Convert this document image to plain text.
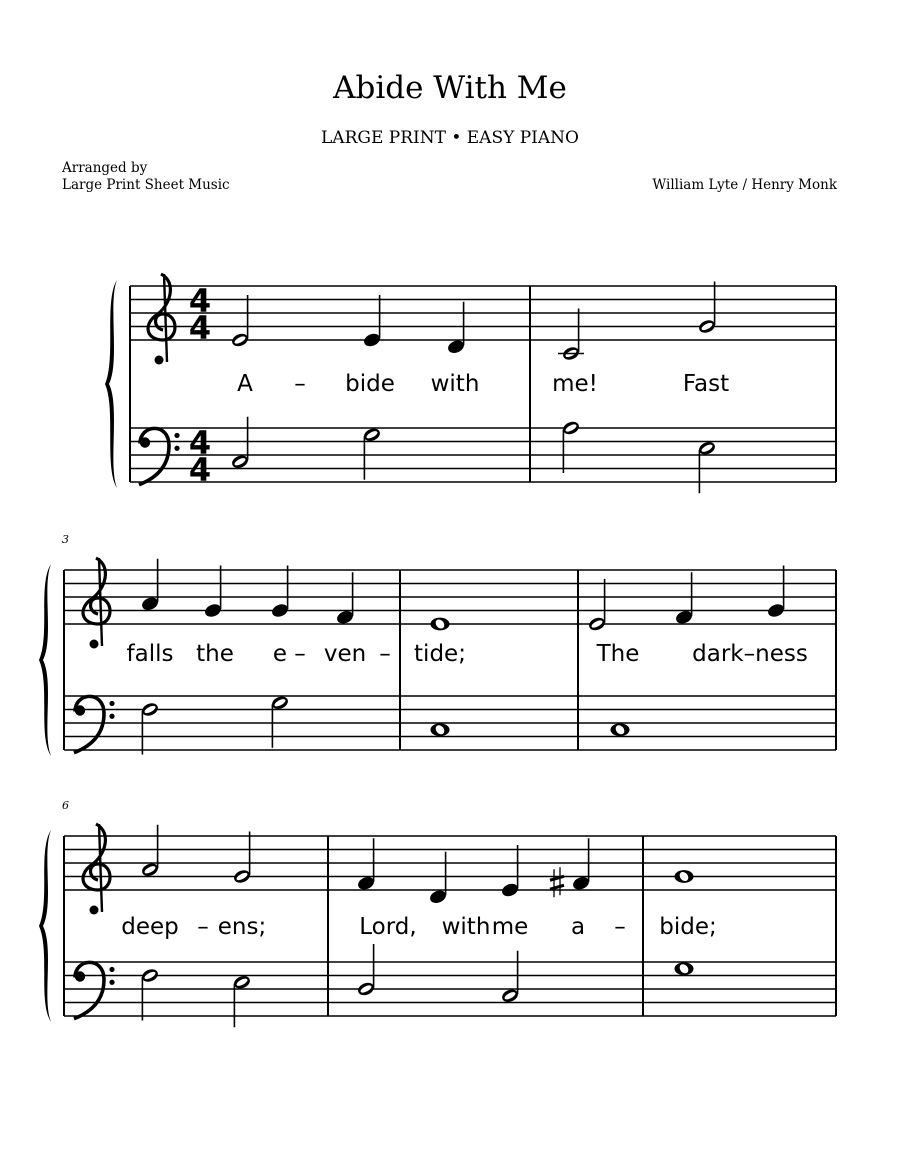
Abide With Me
LARGE PRINT • EASY PIANO
Arranged by
Large Print Sheet Music	William Lyte / Henry Monk
4
4
4
4
A – bide with	me!	Fast
3
falls the e – ven – tide;	The dark–ness
6
deep – ens;	Lord, with me a – bide;
